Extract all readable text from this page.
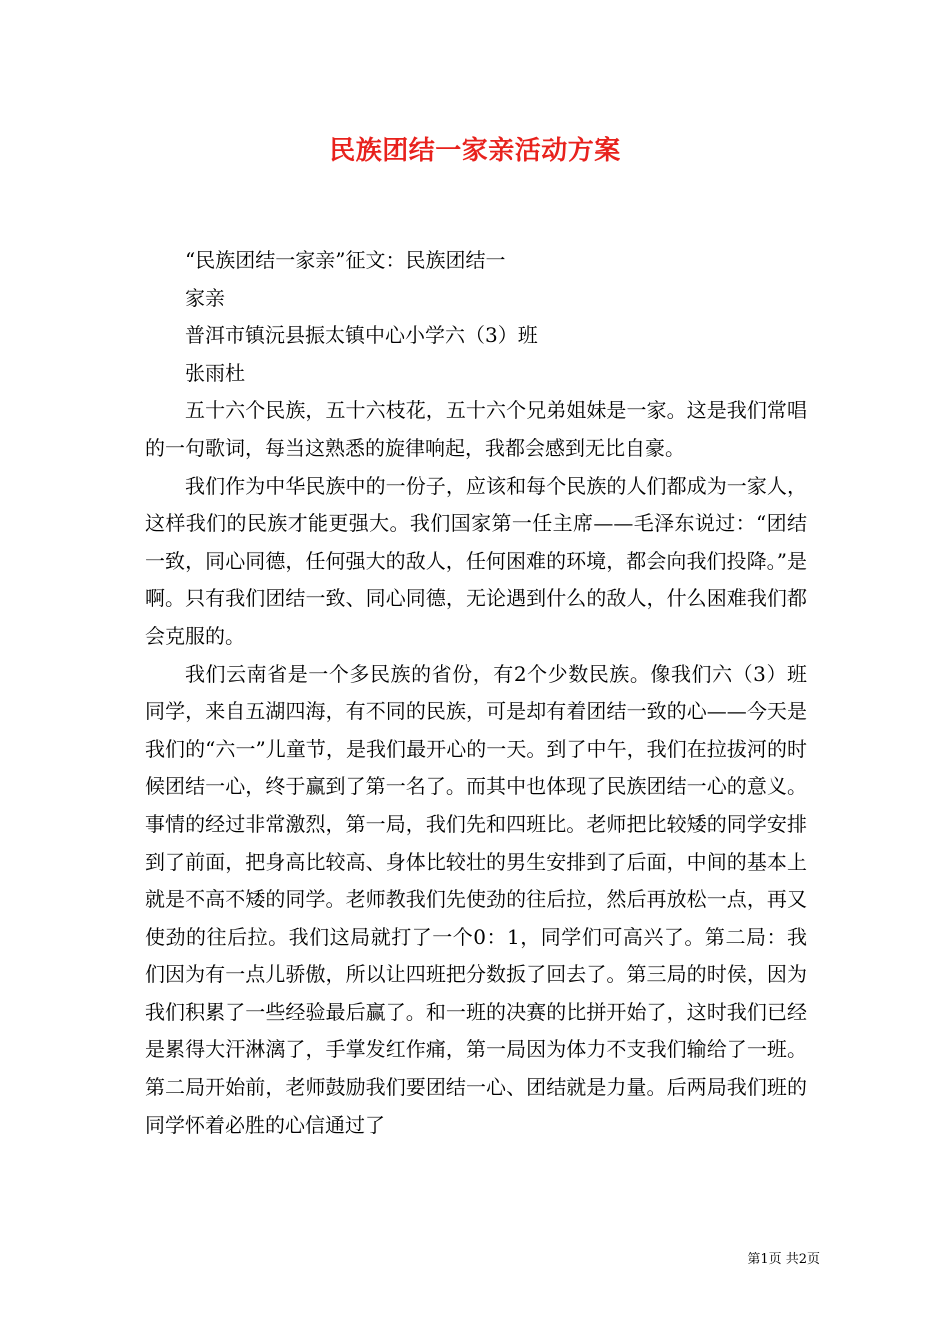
民族团结一家亲活动方案

“民族团结一家亲”征文：民族团结一

家亲

普洱市镇沅县振太镇中心小学六（3）班

张雨杜

五十六个民族，五十六枝花，五十六个兄弟姐妹是一家。这是我们常唱的一句歌词，每当这熟悉的旋律响起，我都会感到无比自豪。

我们作为中华民族中的一份子，应该和每个民族的人们都成为一家人，这样我们的民族才能更强大。我们国家第一任主席——毛泽东说过：“团结一致，同心同德，任何强大的敌人，任何困难的环境，都会向我们投降。”是啊。只有我们团结一致、同心同德，无论遇到什么的敌人，什么困难我们都会克服的。

我们云南省是一个多民族的省份，有2个少数民族。像我们六（3）班同学，来自五湖四海，有不同的民族，可是却有着团结一致的心——今天是我们的“六一”儿童节，是我们最开心的一天。到了中午，我们在拉拔河的时候团结一心，终于赢到了第一名了。而其中也体现了民族团结一心的意义。事情的经过非常激烈，第一局，我们先和四班比。老师把比较矮的同学安排到了前面，把身高比较高、身体比较壮的男生安排到了后面，中间的基本上就是不高不矮的同学。老师教我们先使劲的往后拉，然后再放松一点，再又使劲的往后拉。我们这局就打了一个0：1，同学们可高兴了。第二局：我们因为有一点儿骄傲，所以让四班把分数扳了回去了。第三局的时侯，因为我们积累了一些经验最后赢了。和一班的决赛的比拼开始了，这时我们已经是累得大汗淋漓了，手掌发红作痛，第一局因为体力不支我们输给了一班。第二局开始前，老师鼓励我们要团结一心、团结就是力量。后两局我们班的同学怀着必胜的心信通过了

第1页 共2页
